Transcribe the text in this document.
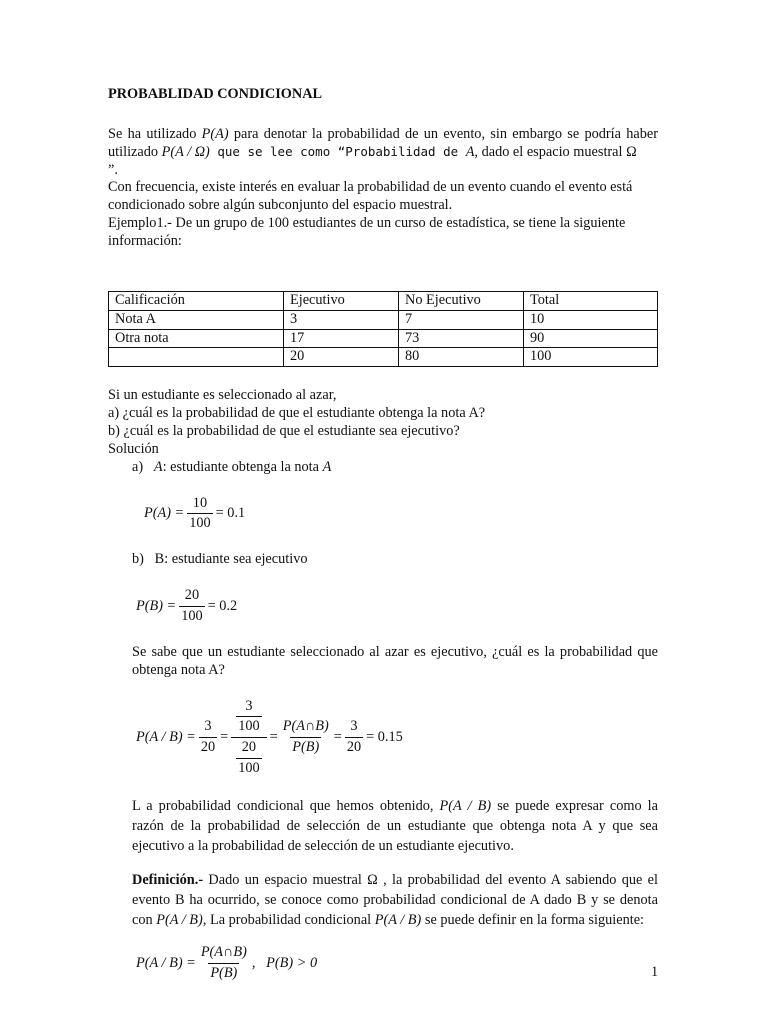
PROBABLIDAD CONDICIONAL

Se ha utilizado P(A) para denotar la probabilidad de un evento, sin embargo se podría haber utilizado P(A / Ω) que se lee como “Probabilidad de A, dado el espacio muestral Ω
”.

Con frecuencia, existe interés en evaluar la probabilidad de un evento cuando el evento está condicionado sobre algún subconjunto del espacio muestral.

Ejemplo1.- De un grupo de 100 estudiantes de un curso de estadística, se tiene la siguiente información:

Calificación	Ejecutivo	No Ejecutivo	Total
Nota A	3	7	10
Otra nota	17	73	90
	20	80	100

Si un estudiante es seleccionado al azar,

a) ¿cuál es la probabilidad de que el estudiante obtenga la nota A?

b) ¿cuál es la probabilidad de que el estudiante sea ejecutivo?

Solución

a) A: estudiante obtenga la nota A

$P(A) = \frac{10}{100} = 0.1$

b) B: estudiante sea ejecutivo

$P(B) = \frac{20}{100} = 0.2$

Se sabe que un estudiante seleccionado al azar es ejecutivo, ¿cuál es la probabilidad que obtenga nota A?

$P(A / B) = \frac{3}{20} = \frac{\frac{3}{100}}{\frac{20}{100}} = \frac{P(A\cap B)}{P(B)} = \frac{3}{20} = 0.15$

L a probabilidad condicional que hemos obtenido, P(A / B) se puede expresar como la razón de la probabilidad de selección de un estudiante que obtenga nota A y que sea ejecutivo a la probabilidad de selección de un estudiante ejecutivo.

Definición.- Dado un espacio muestral Ω , la probabilidad del evento A sabiendo que el evento B ha ocurrido, se conoce como probabilidad condicional de A dado B y se denota con P(A / B), La probabilidad condicional P(A / B) se puede definir en la forma siguiente:

$P(A / B) = \frac{P(A\cap B)}{P(B)}$ ,   P(B) > 0
1
